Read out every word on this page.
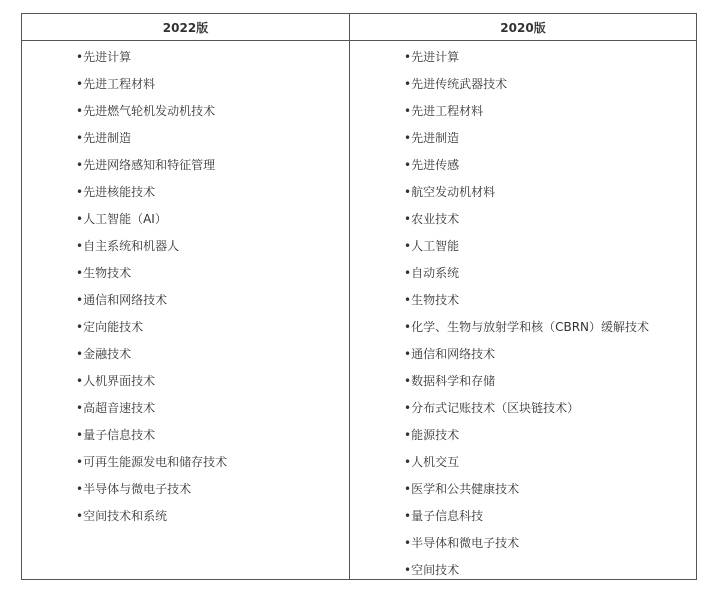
2022版	2020版
•先进计算
•先进工程材料
•先进燃气轮机发动机技术
•先进制造
•先进网络感知和特征管理
•先进核能技术
•人工智能（AI）
•自主系统和机器人
•生物技术
•通信和网络技术
•定向能技术
•金融技术
•人机界面技术
•高超音速技术
•量子信息技术
•可再生能源发电和储存技术
•半导体与微电子技术
•空间技术和系统
•先进计算
•先进传统武器技术
•先进工程材料
•先进制造
•先进传感
•航空发动机材料
•农业技术
•人工智能
•自动系统
•生物技术
•化学、生物与放射学和核（CBRN）缓解技术
•通信和网络技术
•数据科学和存储
•分布式记账技术（区块链技术）
•能源技术
•人机交互
•医学和公共健康技术
•量子信息科技
•半导体和微电子技术
•空间技术
